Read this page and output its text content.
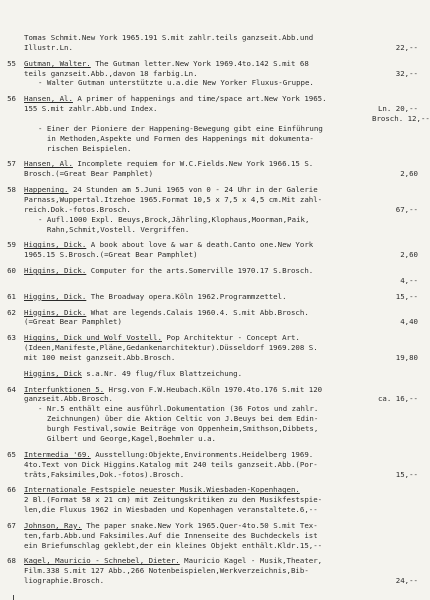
Tomas Schmit.New York 1965.191 S.mit zahlr.teils ganzseit.Abb.und
Illustr.Ln.	22,--
55 Gutman, Walter. The Gutman letter.New York 1969.4to.142 S.mit 68
teils ganzseit.Abb.,davon 18 farbig.Ln.	32,--
- Walter Gutman unterstützte u.a.die New Yorker Fluxus-Gruppe.
56 Hansen, Al. A primer of happenings and time/space art.New York 1965.
155 S.mit zahlr.Abb.und Index.	Ln. 20,--
Brosch. 12,--
- Einer der Pioniere der Happening-Bewegung gibt eine Einführung
in Methoden,Aspekte und Formen des Happenings mit dokumenta-
rischen Beispielen.
57 Hansen, Al. Incomplete requiem for W.C.Fields.New York 1966.15 S.
Brosch.(=Great Bear Pamphlet)	2,60
58 Happening. 24 Stunden am 5.Juni 1965 von 0 - 24 Uhr in der Galerie
Parnass,Wuppertal.Itzehoe 1965.Format 10,5 x 7,5 x 4,5 cm.Mit zahl-
reich.Dok.-fotos.Brosch.	67,--
- Aufl.1000 Expl. Beuys,Brock,Jährling,Klophaus,Moorman,Paik,
Rahn,Schmit,Vostell. Vergriffen.
59 Higgins, Dick. A book about love & war & death.Canto one.New York
1965.15 S.Brosch.(=Great Bear Pamphlet)	2,60
60 Higgins, Dick. Computer for the arts.Somerville 1970.17 S.Brosch.
4,--
61 Higgins, Dick. The Broadway opera.Köln 1962.Programmzettel.	15,--
62 Higgins, Dick. What are legends.Calais 1960.4. S.mit Abb.Brosch.
(=Great Bear Pamphlet)	4,40
63 Higgins, Dick und Wolf Vostell. Pop Architektur - Concept Art.
(Ideen,Manifeste,Pläne,Gedankenarchitektur).Düsseldorf 1969.208 S.
mit 100 meist ganzseit.Abb.Brosch.	19,80
Higgins, Dick s.a.Nr. 49 flug/flux Blattzeichung.
64 Interfunktionen 5. Hrsg.von F.W.Heubach.Köln 1970.4to.176 S.mit 120
ganzseit.Abb.Brosch.	ca. 16,--
- Nr.5 enthält eine ausführl.Dokumentation (36 Fotos und zahlr.
Zeichnungen) über die Aktion Celtic von J.Beuys bei dem Edin-
burgh Festival,sowie Beiträge von Oppenheim,Smithson,Dibbets,
Gilbert und George,Kagel,Boehmler u.a.
65 Intermedia '69. Ausstellung:Objekte,Environments.Heidelberg 1969.
4to.Text von Dick Higgins.Katalog mit 240 teils ganzseit.Abb.(Por-
träts,Faksimiles,Dok.-fotos).Brosch.	15,--
66 Internationale Festspiele neuester Musik.Wiesbaden-Kopenhagen.
2 Bl.(Format 58 x 21 cm) mit Zeitungskritiken zu den Musikfestspie-
len,die Fluxus 1962 in Wiesbaden und Kopenhagen veranstaltete.6,--
67 Johnson, Ray. The paper snake.New York 1965.Quer-4to.50 S.mit Tex-
ten,farb.Abb.und Faksimiles.Auf die Innenseite des Buchdeckels ist
ein Briefumschlag geklebt,der ein kleines Objekt enthält.Kldr.15,--
68 Kagel, Mauricio - Schnebel, Dieter. Mauricio Kagel - Musik,Theater,
Film.338 S.mit 127 Abb.,266 Notenbeispielen,Werkverzeichnis,Bib-
liographie.Brosch.	24,--
